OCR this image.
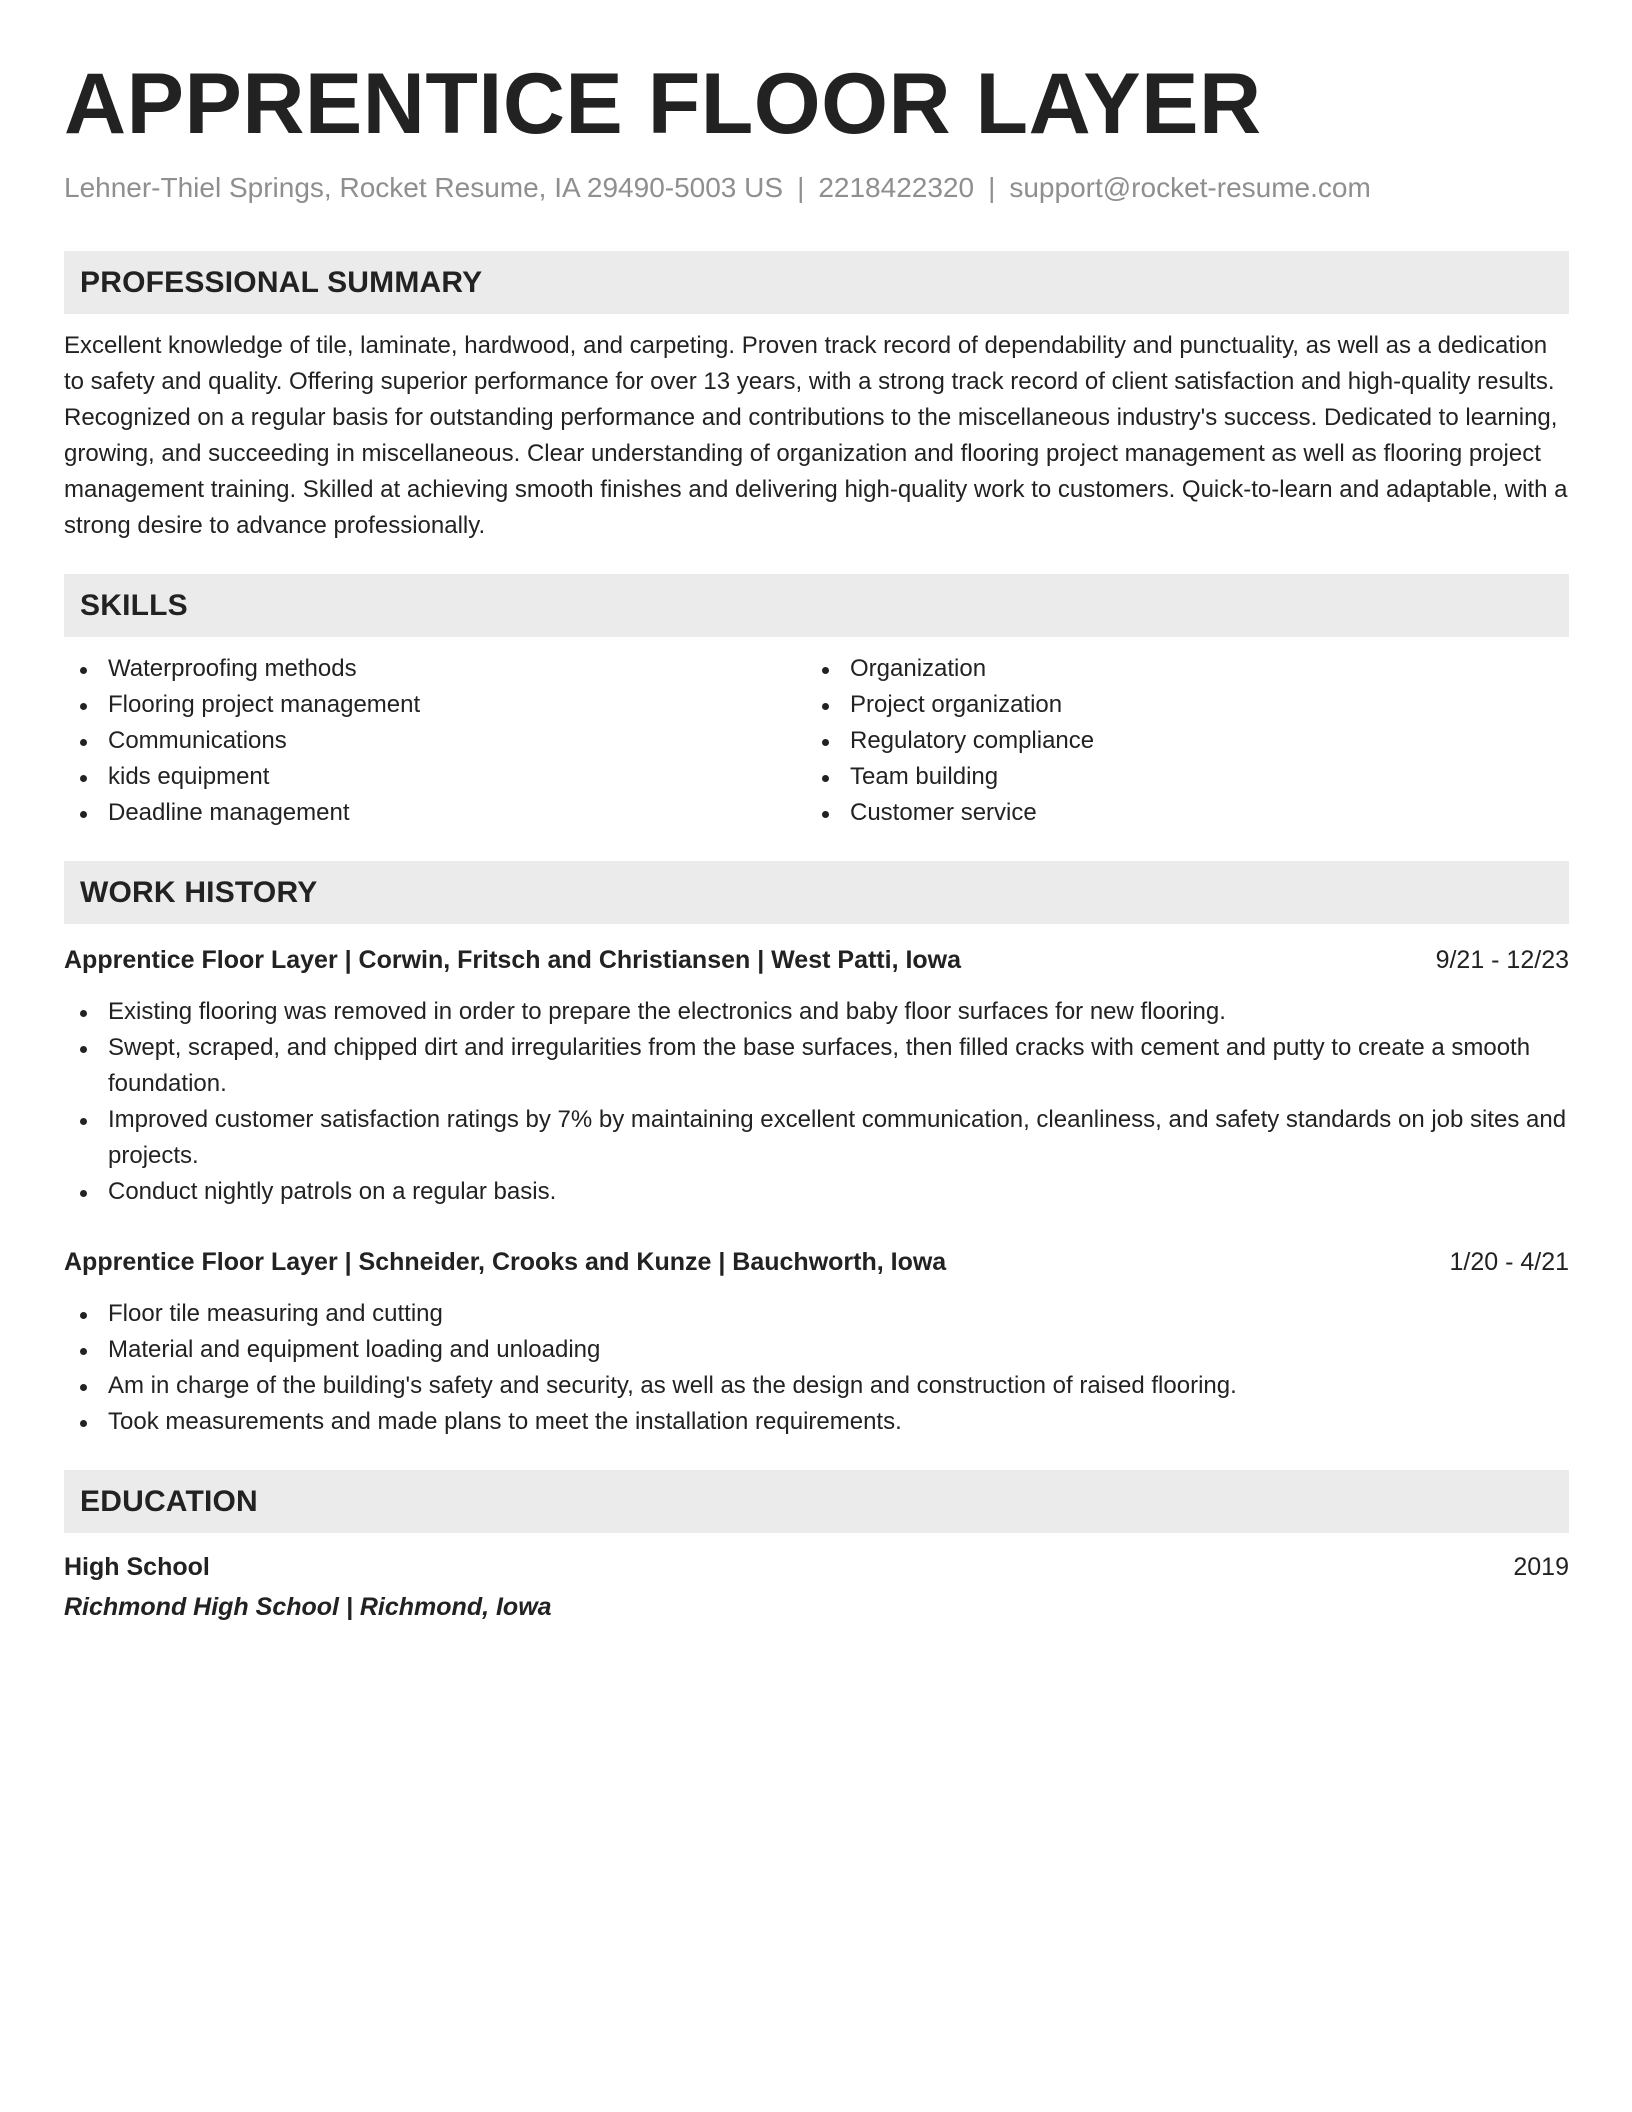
APPRENTICE FLOOR LAYER
Lehner-Thiel Springs, Rocket Resume, IA 29490-5003 US | 2218422320 | support@rocket-resume.com
PROFESSIONAL SUMMARY

Excellent knowledge of tile, laminate, hardwood, and carpeting. Proven track record of dependability and punctuality, as well as a dedication to safety and quality. Offering superior performance for over 13 years, with a strong track record of client satisfaction and high-quality results. Recognized on a regular basis for outstanding performance and contributions to the miscellaneous industry's success. Dedicated to learning, growing, and succeeding in miscellaneous. Clear understanding of organization and flooring project management as well as flooring project management training. Skilled at achieving smooth finishes and delivering high-quality work to customers. Quick-to-learn and adaptable, with a strong desire to advance professionally.

SKILLS
Waterproofing methods
Flooring project management
Communications
kids equipment
Deadline management
Organization
Project organization
Regulatory compliance
Team building
Customer service
WORK HISTORY
Apprentice Floor Layer | Corwin, Fritsch and Christiansen | West Patti, Iowa	9/21 - 12/23
Existing flooring was removed in order to prepare the electronics and baby floor surfaces for new flooring.
Swept, scraped, and chipped dirt and irregularities from the base surfaces, then filled cracks with cement and putty to create a smooth foundation.
Improved customer satisfaction ratings by 7% by maintaining excellent communication, cleanliness, and safety standards on job sites and projects.
Conduct nightly patrols on a regular basis.
Apprentice Floor Layer | Schneider, Crooks and Kunze | Bauchworth, Iowa	1/20 - 4/21
Floor tile measuring and cutting
Material and equipment loading and unloading
Am in charge of the building's safety and security, as well as the design and construction of raised flooring.
Took measurements and made plans to meet the installation requirements.
EDUCATION
High School	2019
Richmond High School | Richmond, Iowa
